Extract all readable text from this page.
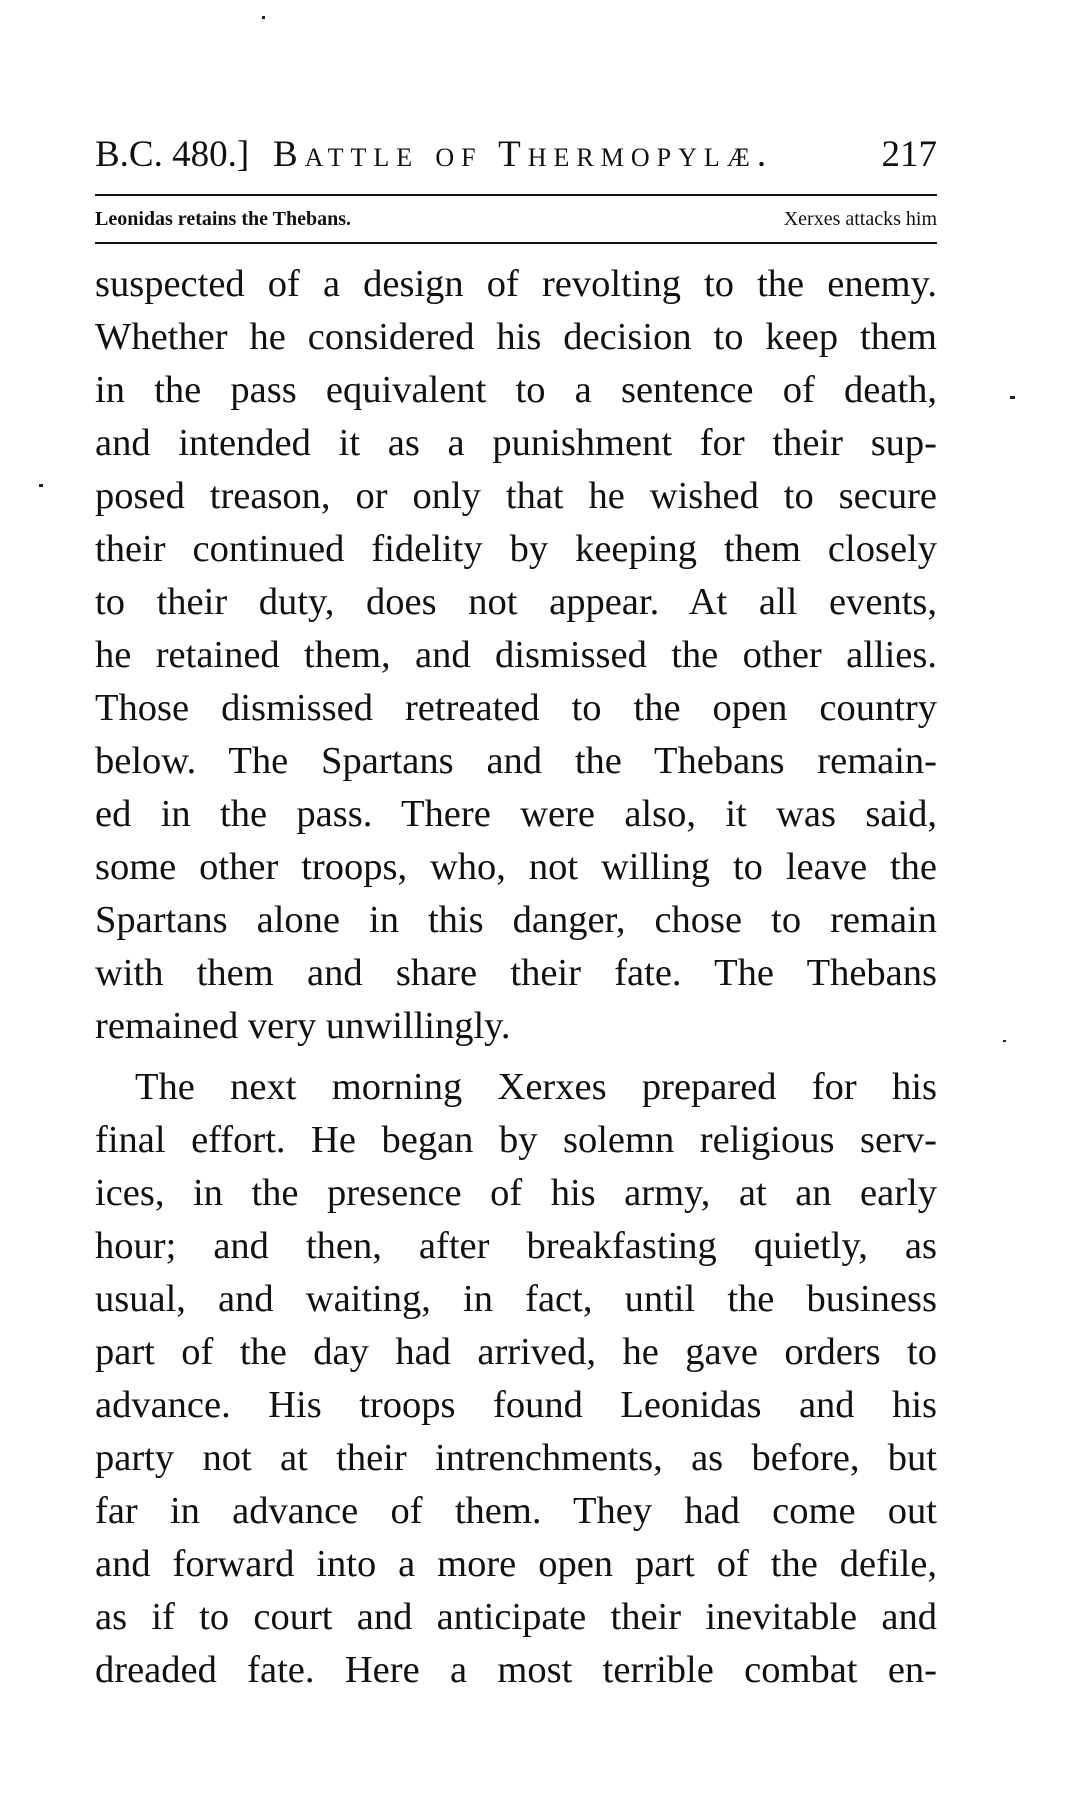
B.C. 480.] Battle of Thermopylæ.	217
Leonidas retains the Thebans.	Xerxes attacks him
suspected of a design of revolting to the enemy.
Whether he considered his decision to keep them
in the pass equivalent to a sentence of death,
and intended it as a punishment for their sup-
posed treason, or only that he wished to secure
their continued fidelity by keeping them closely
to their duty, does not appear. At all events,
he retained them, and dismissed the other allies.
Those dismissed retreated to the open country
below. The Spartans and the Thebans remain-
ed in the pass. There were also, it was said,
some other troops, who, not willing to leave the
Spartans alone in this danger, chose to remain
with them and share their fate. The Thebans
remained very unwillingly.
The next morning Xerxes prepared for his
final effort. He began by solemn religious serv-
ices, in the presence of his army, at an early
hour; and then, after breakfasting quietly, as
usual, and waiting, in fact, until the business
part of the day had arrived, he gave orders to
advance. His troops found Leonidas and his
party not at their intrenchments, as before, but
far in advance of them. They had come out
and forward into a more open part of the defile,
as if to court and anticipate their inevitable and
dreaded fate. Here a most terrible combat en-
